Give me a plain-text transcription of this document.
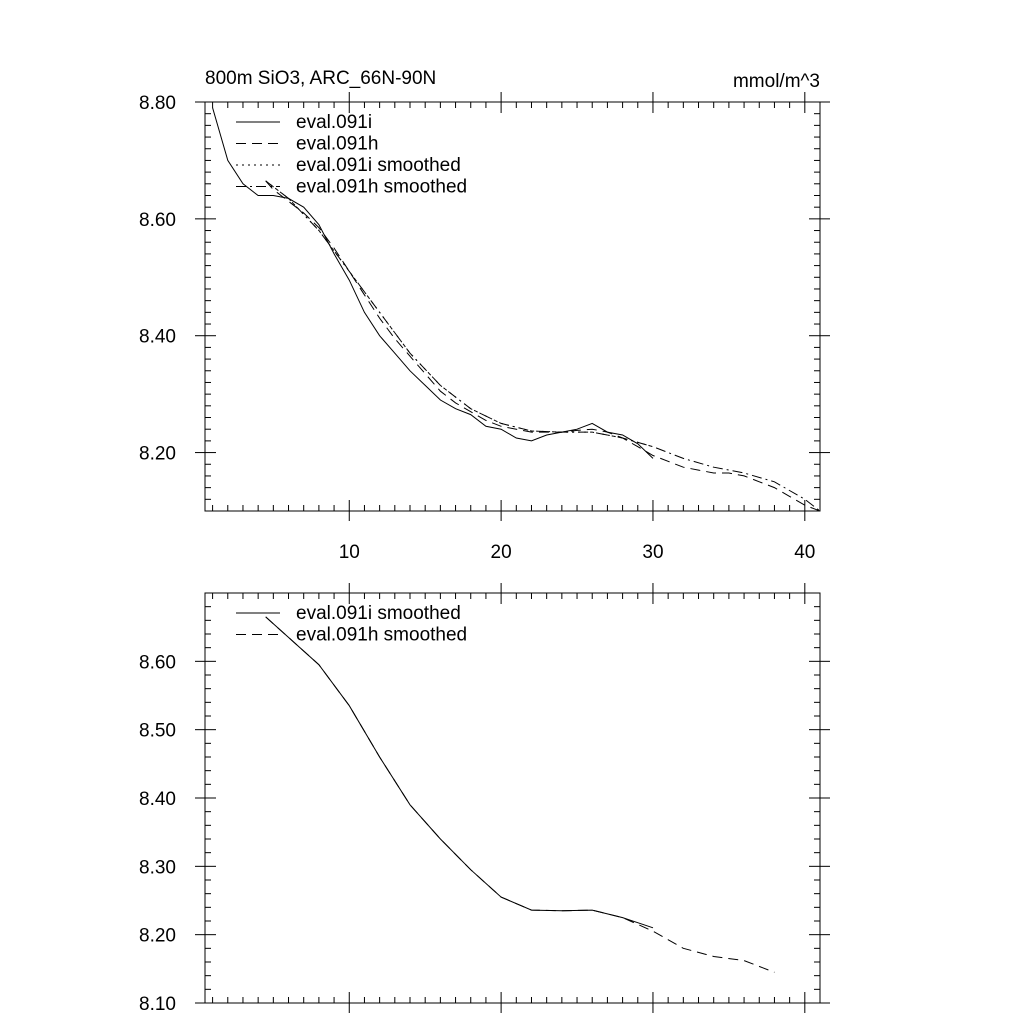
800m SiO3, ARC_66N-90N	mmol/m^3
10	20	30	40
8.20
8.40
8.60
8.80
eval.091i
eval.091h
eval.091i smoothed
eval.091h smoothed
8.10
8.20
8.30
8.40
8.50
8.60
eval.091i smoothed
eval.091h smoothed
